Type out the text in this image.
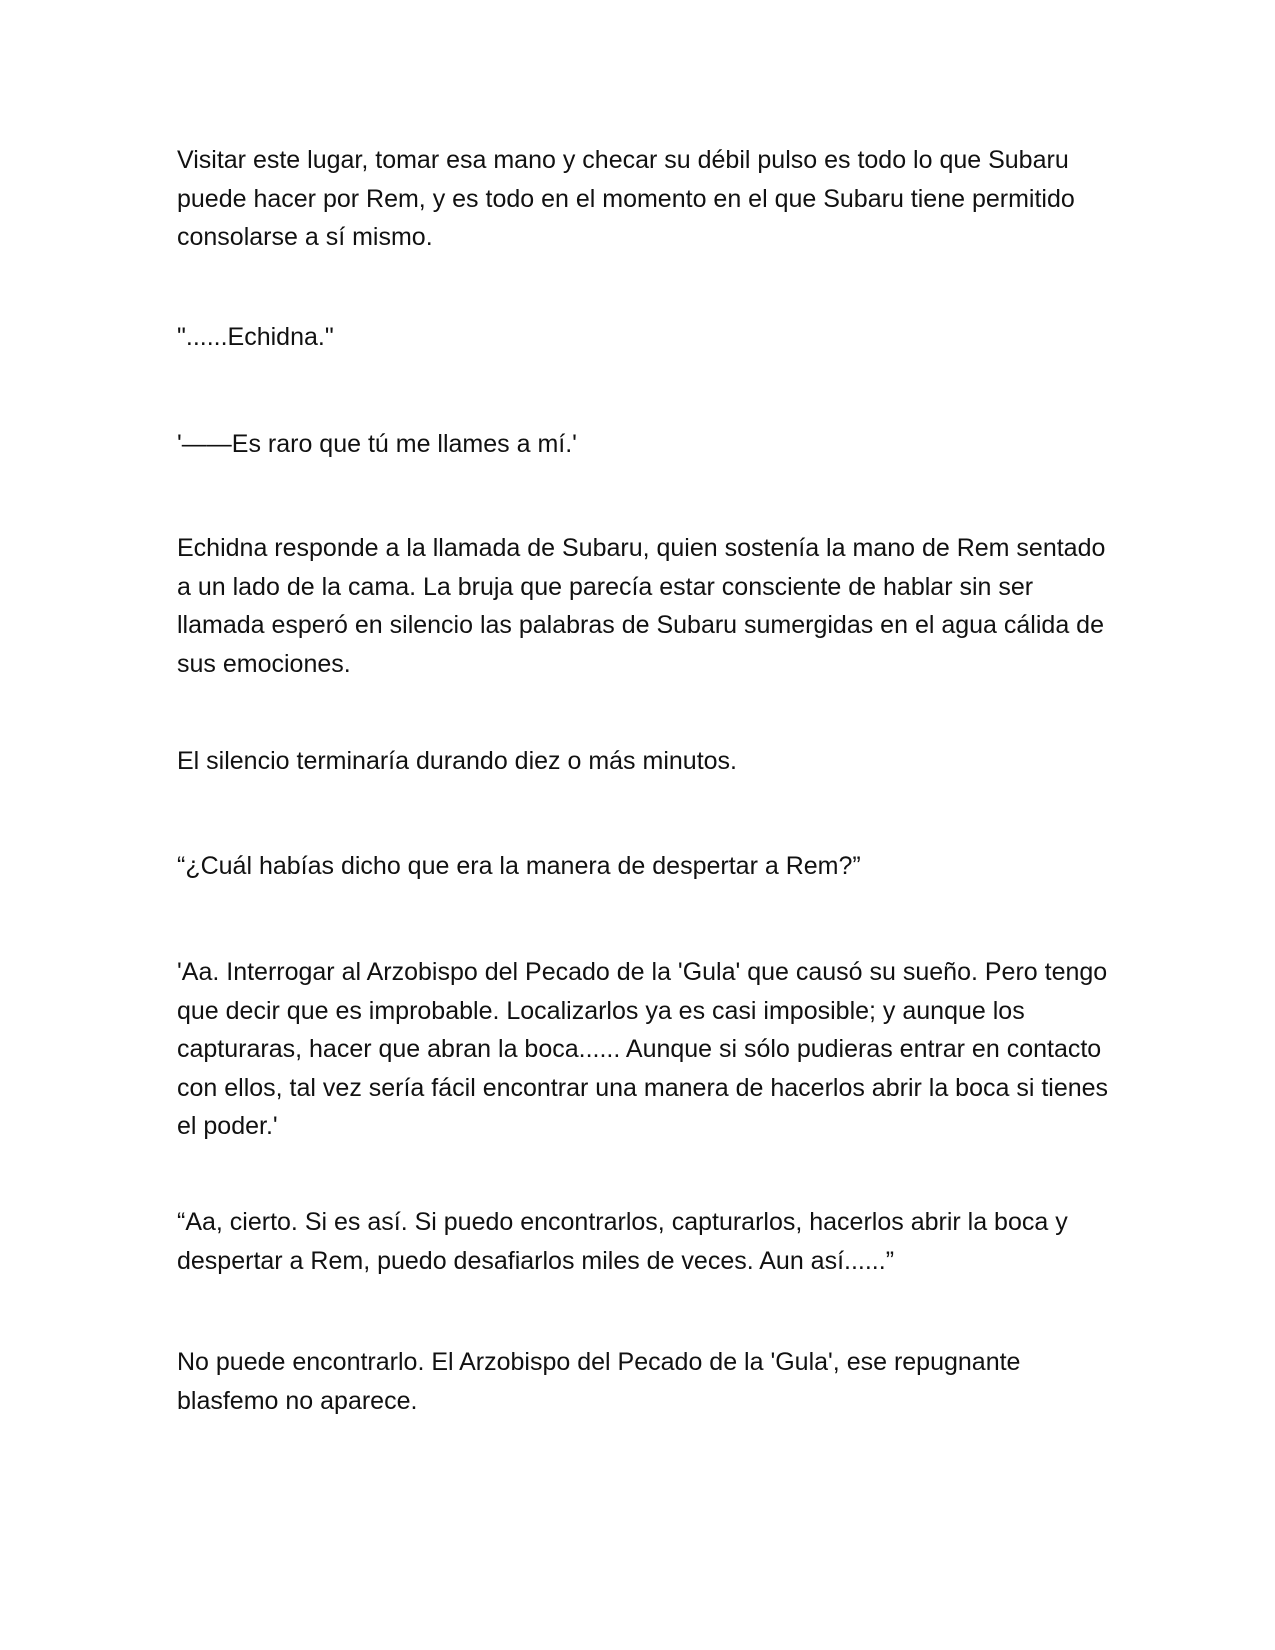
Visitar este lugar, tomar esa mano y checar su débil pulso es todo lo que Subaru puede hacer por Rem, y es todo en el momento en el que Subaru tiene permitido consolarse a sí mismo.

"......Echidna."

'——Es raro que tú me llames a mí.'

Echidna responde a la llamada de Subaru, quien sostenía la mano de Rem sentado a un lado de la cama. La bruja que parecía estar consciente de hablar sin ser llamada esperó en silencio las palabras de Subaru sumergidas en el agua cálida de sus emociones.

El silencio terminaría durando diez o más minutos.

“¿Cuál habías dicho que era la manera de despertar a Rem?”

'Aa. Interrogar al Arzobispo del Pecado de la 'Gula' que causó su sueño. Pero tengo que decir que es improbable. Localizarlos ya es casi imposible; y aunque los capturaras, hacer que abran la boca...... Aunque si sólo pudieras entrar en contacto con ellos, tal vez sería fácil encontrar una manera de hacerlos abrir la boca si tienes el poder.'

“Aa, cierto. Si es así. Si puedo encontrarlos, capturarlos, hacerlos abrir la boca y despertar a Rem, puedo desafiarlos miles de veces. Aun así......”

No puede encontrarlo. El Arzobispo del Pecado de la 'Gula', ese repugnante blasfemo no aparece.
